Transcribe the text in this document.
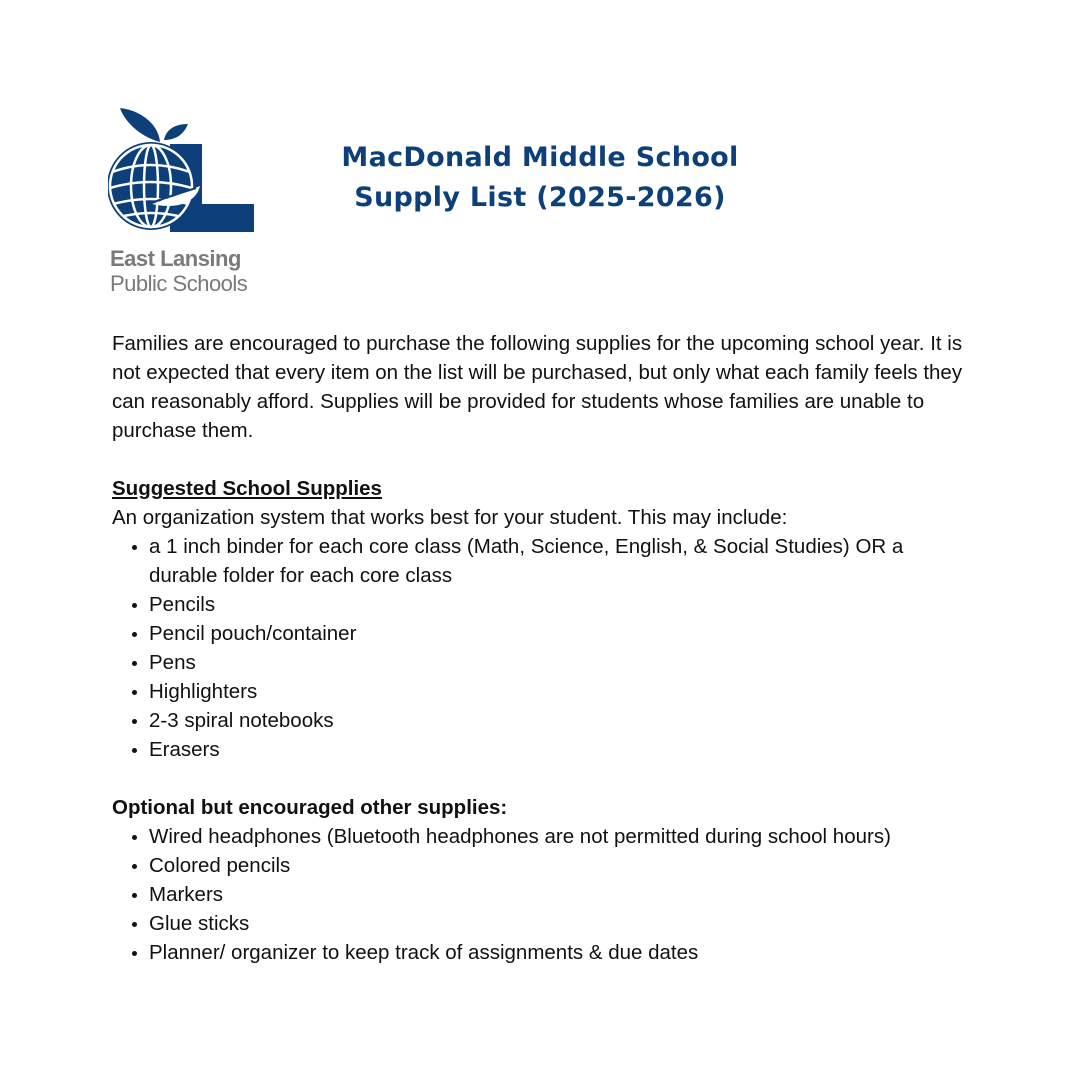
East Lansing
Public Schools
MacDonald Middle School
Supply List (2025-2026)

Families are encouraged to purchase the following supplies for the upcoming school year. It is not expected that every item on the list will be purchased, but only what each family feels they can reasonably afford. Supplies will be provided for students whose families are unable to purchase them.

Suggested School Supplies

An organization system that works best for your student. This may include:

a 1 inch binder for each core class (Math, Science, English, & Social Studies) OR a durable folder for each core class
Pencils
Pencil pouch/container
Pens
Highlighters
2-3 spiral notebooks
Erasers

Optional but encouraged other supplies:

Wired headphones (Bluetooth headphones are not permitted during school hours)
Colored pencils
Markers
Glue sticks
Planner/ organizer to keep track of assignments & due dates
